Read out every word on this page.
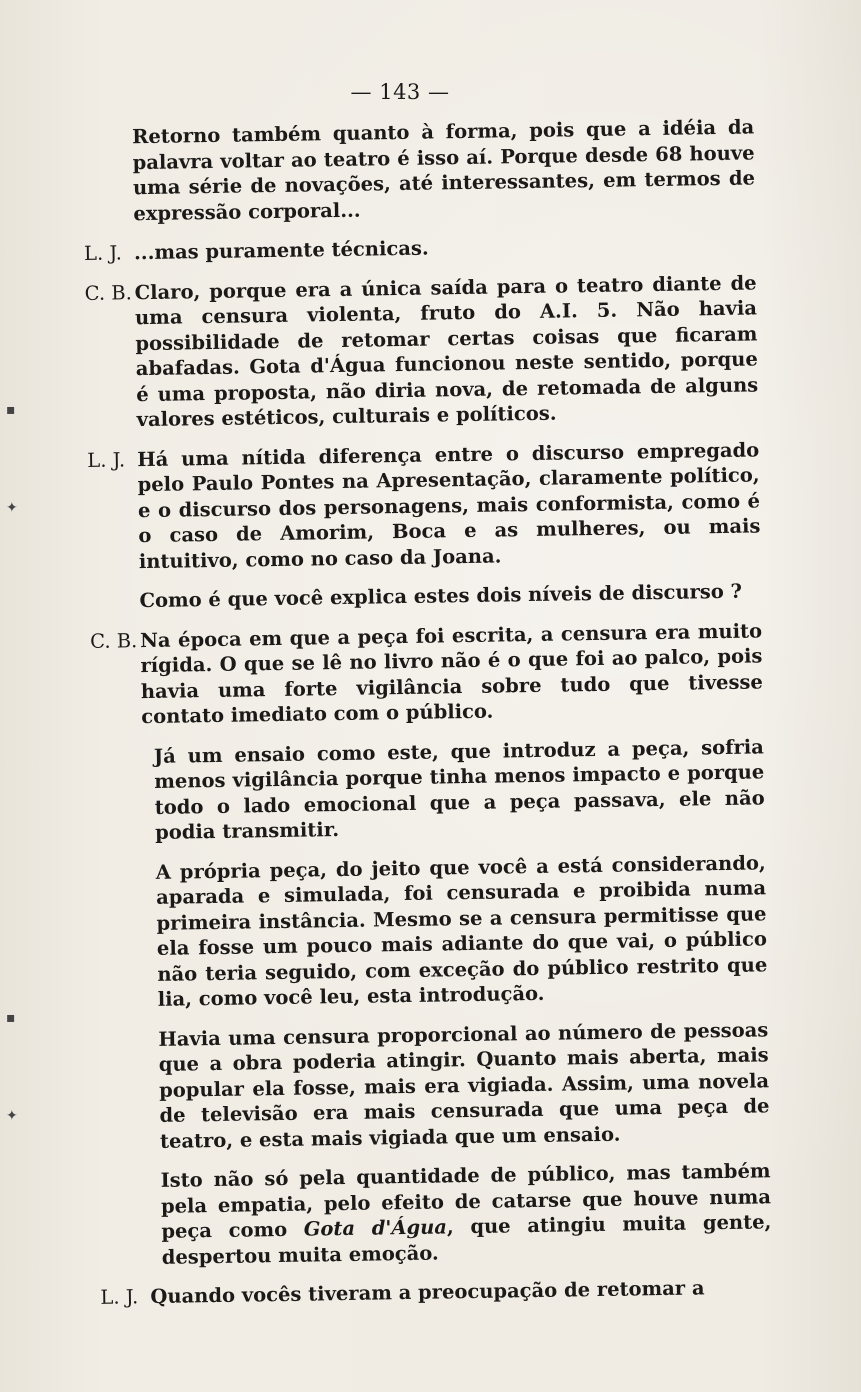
— 143 —
▪
✦
▪
✦
Retorno também quanto à forma, pois que a idéia da palavra voltar ao teatro é isso aí. Porque desde 68 houve uma série de novações, até interessantes, em termos de expressão corporal...
L. J. ...mas puramente técnicas.
C. B. Claro, porque era a única saída para o teatro diante de uma censura violenta, fruto do A.I. 5. Não havia possibilidade de retomar certas coisas que ficaram abafadas. Gota d'Água funcionou neste sentido, porque é uma proposta, não diria nova, de retomada de alguns valores estéticos, culturais e políticos.
L. J. Há uma nítida diferença entre o discurso empregado pelo Paulo Pontes na Apresentação, claramente político, e o discurso dos personagens, mais conformista, como é o caso de Amorim, Boca e as mulheres, ou mais intuitivo, como no caso da Joana.
Como é que você explica estes dois níveis de discurso ?
C. B. Na época em que a peça foi escrita, a censura era muito rígida. O que se lê no livro não é o que foi ao palco, pois havia uma forte vigilância sobre tudo que tivesse contato imediato com o público.
Já um ensaio como este, que introduz a peça, sofria menos vigilância porque tinha menos impacto e porque todo o lado emocional que a peça passava, ele não podia transmitir.
A própria peça, do jeito que você a está considerando, aparada e simulada, foi censurada e proibida numa primeira instância. Mesmo se a censura permitisse que ela fosse um pouco mais adiante do que vai, o público não teria seguido, com exceção do público restrito que lia, como você leu, esta introdução.
Havia uma censura proporcional ao número de pessoas que a obra poderia atingir. Quanto mais aberta, mais popular ela fosse, mais era vigiada. Assim, uma novela de televisão era mais censurada que uma peça de teatro, e esta mais vigiada que um ensaio.
Isto não só pela quantidade de público, mas também pela empatia, pelo efeito de catarse que houve numa peça como Gota d'Água, que atingiu muita gente, despertou muita emoção.
L. J. Quando vocês tiveram a preocupação de retomar a
